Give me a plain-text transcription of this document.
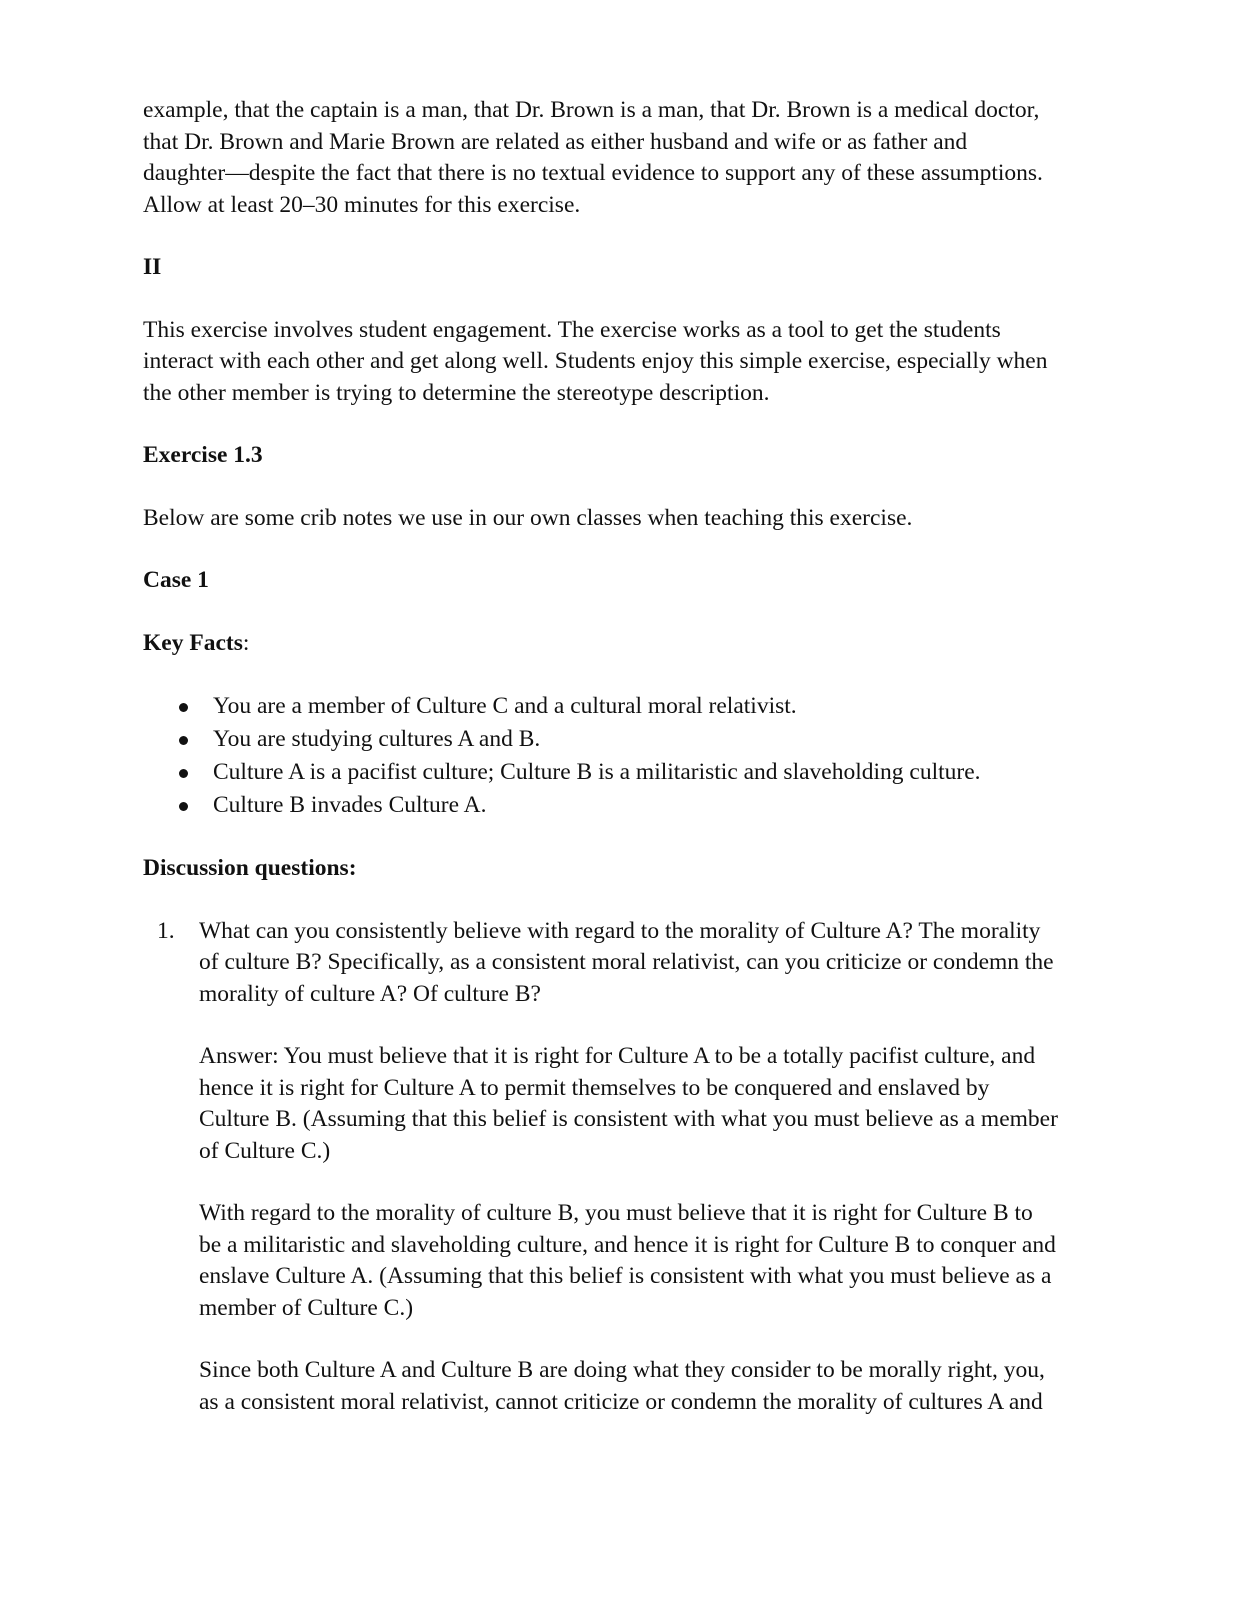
example, that the captain is a man, that Dr. Brown is a man, that Dr. Brown is a medical doctor,
that Dr. Brown and Marie Brown are related as either husband and wife or as father and
daughter—despite the fact that there is no textual evidence to support any of these assumptions.
Allow at least 20–30 minutes for this exercise.

II

This exercise involves student engagement. The exercise works as a tool to get the students
interact with each other and get along well. Students enjoy this simple exercise, especially when
the other member is trying to determine the stereotype description.

Exercise 1.3

Below are some crib notes we use in our own classes when teaching this exercise.

Case 1

Key Facts:

You are a member of Culture C and a cultural moral relativist.
You are studying cultures A and B.
Culture A is a pacifist culture; Culture B is a militaristic and slaveholding culture.
Culture B invades Culture A.

Discussion questions:

1. What can you consistently believe with regard to the morality of Culture A? The morality
of culture B? Specifically, as a consistent moral relativist, can you criticize or condemn the
morality of culture A? Of culture B?

Answer: You must believe that it is right for Culture A to be a totally pacifist culture, and
hence it is right for Culture A to permit themselves to be conquered and enslaved by
Culture B. (Assuming that this belief is consistent with what you must believe as a member
of Culture C.)

With regard to the morality of culture B, you must believe that it is right for Culture B to
be a militaristic and slaveholding culture, and hence it is right for Culture B to conquer and
enslave Culture A. (Assuming that this belief is consistent with what you must believe as a
member of Culture C.)

Since both Culture A and Culture B are doing what they consider to be morally right, you,
as a consistent moral relativist, cannot criticize or condemn the morality of cultures A and
